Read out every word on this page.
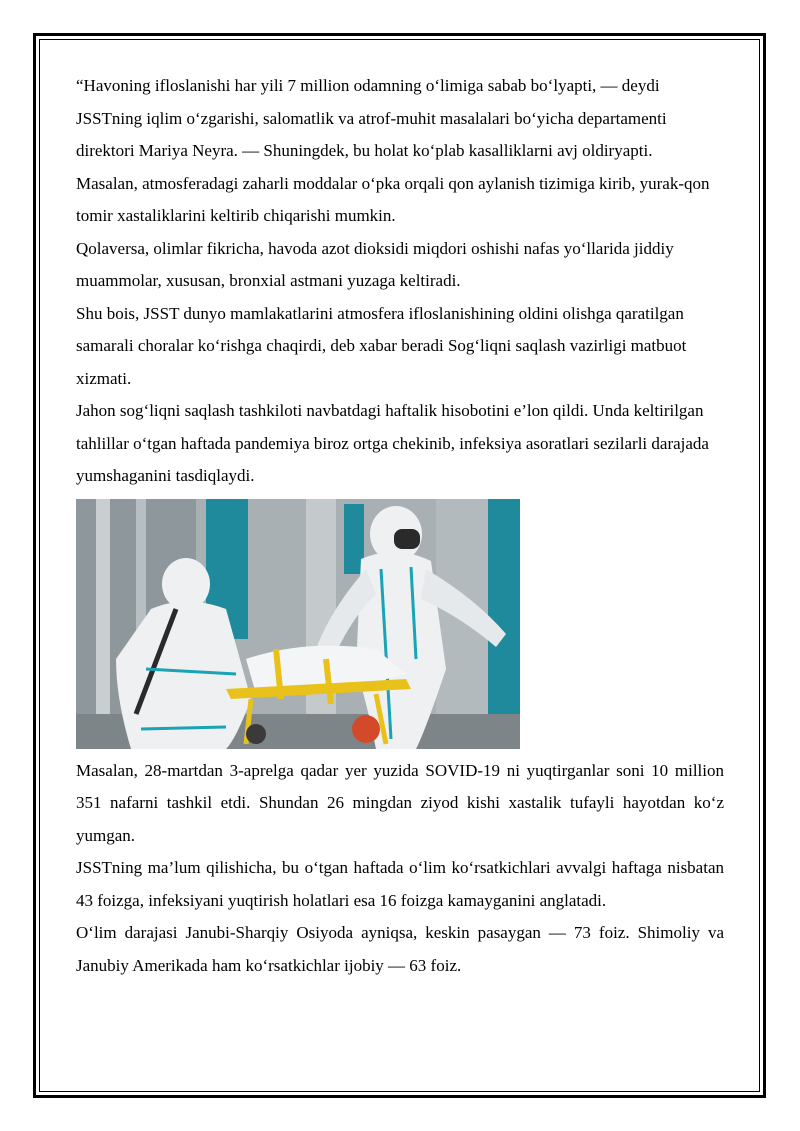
“Havoning ifloslanishi har yili 7 million odamning oʻlimiga sabab boʻlyapti, — deydi JSSTning iqlim oʻzgarishi, salomatlik va atrof-muhit masalalari boʻyicha departamenti direktori Mariya Neyra. — Shuningdek, bu holat koʻplab kasalliklarni avj oldiryapti.

Masalan, atmosferadagi zaharli moddalar oʻpka orqali qon aylanish tizimiga kirib, yurak-qon tomir xastaliklarini keltirib chiqarishi mumkin.

Qolaversa, olimlar fikricha, havoda azot dioksidi miqdori oshishi nafas yoʻllarida jiddiy muammolar, xususan, bronxial astmani yuzaga keltiradi.

Shu bois, JSST dunyo mamlakatlarini atmosfera ifloslanishining oldini olishga qaratilgan samarali choralar koʻrishga chaqirdi, deb xabar beradi Sogʻliqni saqlash vazirligi matbuot xizmati.

Jahon sogʻliqni saqlash tashkiloti navbatdagi haftalik hisobotini e’lon qildi. Unda keltirilgan tahlillar oʻtgan haftada pandemiya biroz ortga chekinib, infeksiya asoratlari sezilarli darajada yumshaganini tasdiqlaydi.

Masalan, 28-martdan 3-aprelga qadar yer yuzida SOVID-19 ni yuqtirganlar soni 10 million 351 nafarni tashkil etdi. Shundan 26 mingdan ziyod kishi xastalik tufayli hayotdan koʻz yumgan.

JSSTning ma’lum qilishicha, bu oʻtgan haftada oʻlim koʻrsatkichlari avvalgi haftaga nisbatan 43 foizga, infeksiyani yuqtirish holatlari esa 16 foizga kamayganini anglatadi.

Oʻlim darajasi Janubi-Sharqiy Osiyoda ayniqsa, keskin pasaygan — 73 foiz. Shimoliy va Janubiy Amerikada ham koʻrsatkichlar ijobiy — 63 foiz.
